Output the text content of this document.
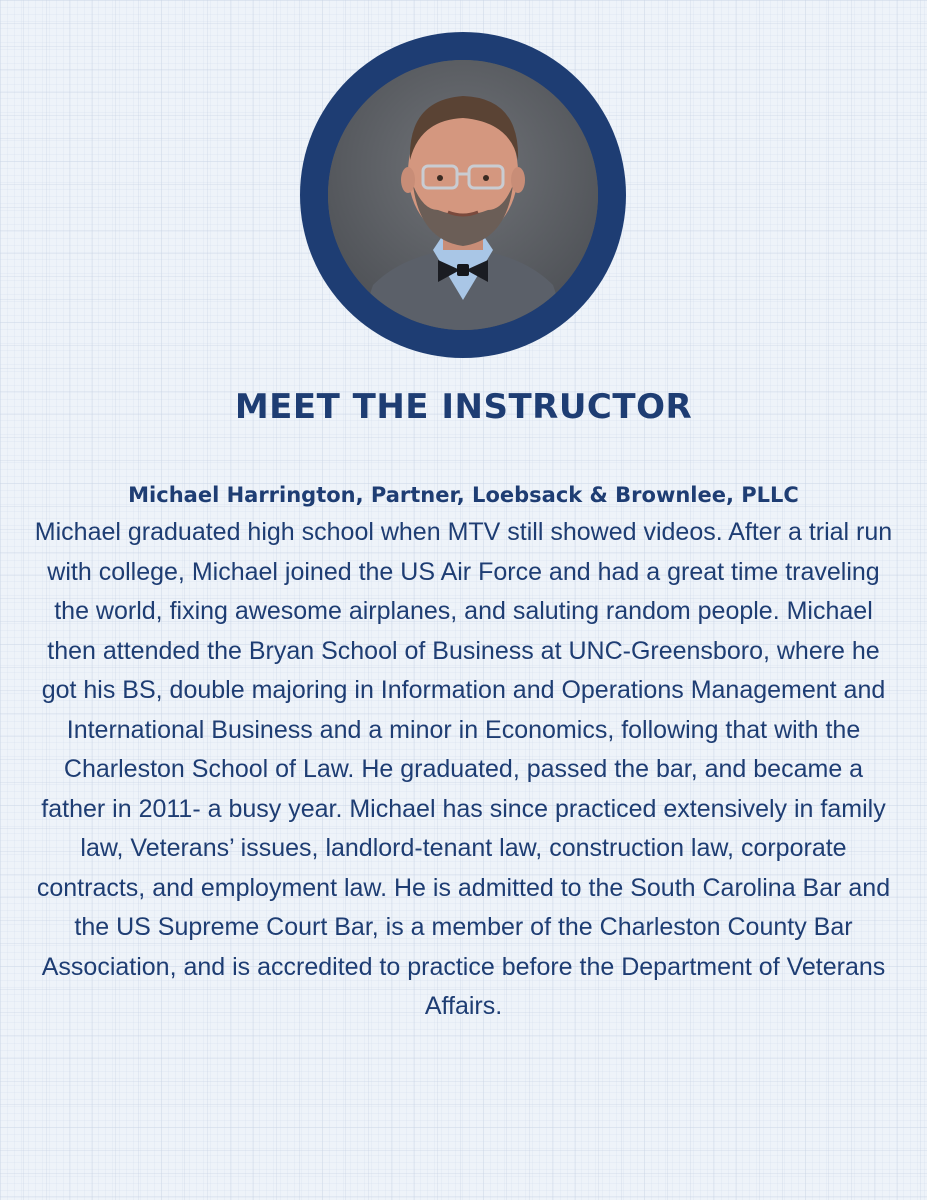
MEET THE INSTRUCTOR
Michael Harrington, Partner, Loebsack & Brownlee, PLLC
Michael graduated high school when MTV still showed videos. After a trial run with college, Michael joined the US Air Force and had a great time traveling the world, fixing awesome airplanes, and saluting random people. Michael then attended the Bryan School of Business at UNC-Greensboro, where he got his BS, double majoring in Information and Operations Management and International Business and a minor in Economics, following that with the Charleston School of Law. He graduated, passed the bar, and became a father in 2011- a busy year. Michael has since practiced extensively in family law, Veterans’ issues, landlord-tenant law, construction law, corporate contracts, and employment law. He is admitted to the South Carolina Bar and the US Supreme Court Bar, is a member of the Charleston County Bar Association, and is accredited to practice before the Department of Veterans Affairs.
